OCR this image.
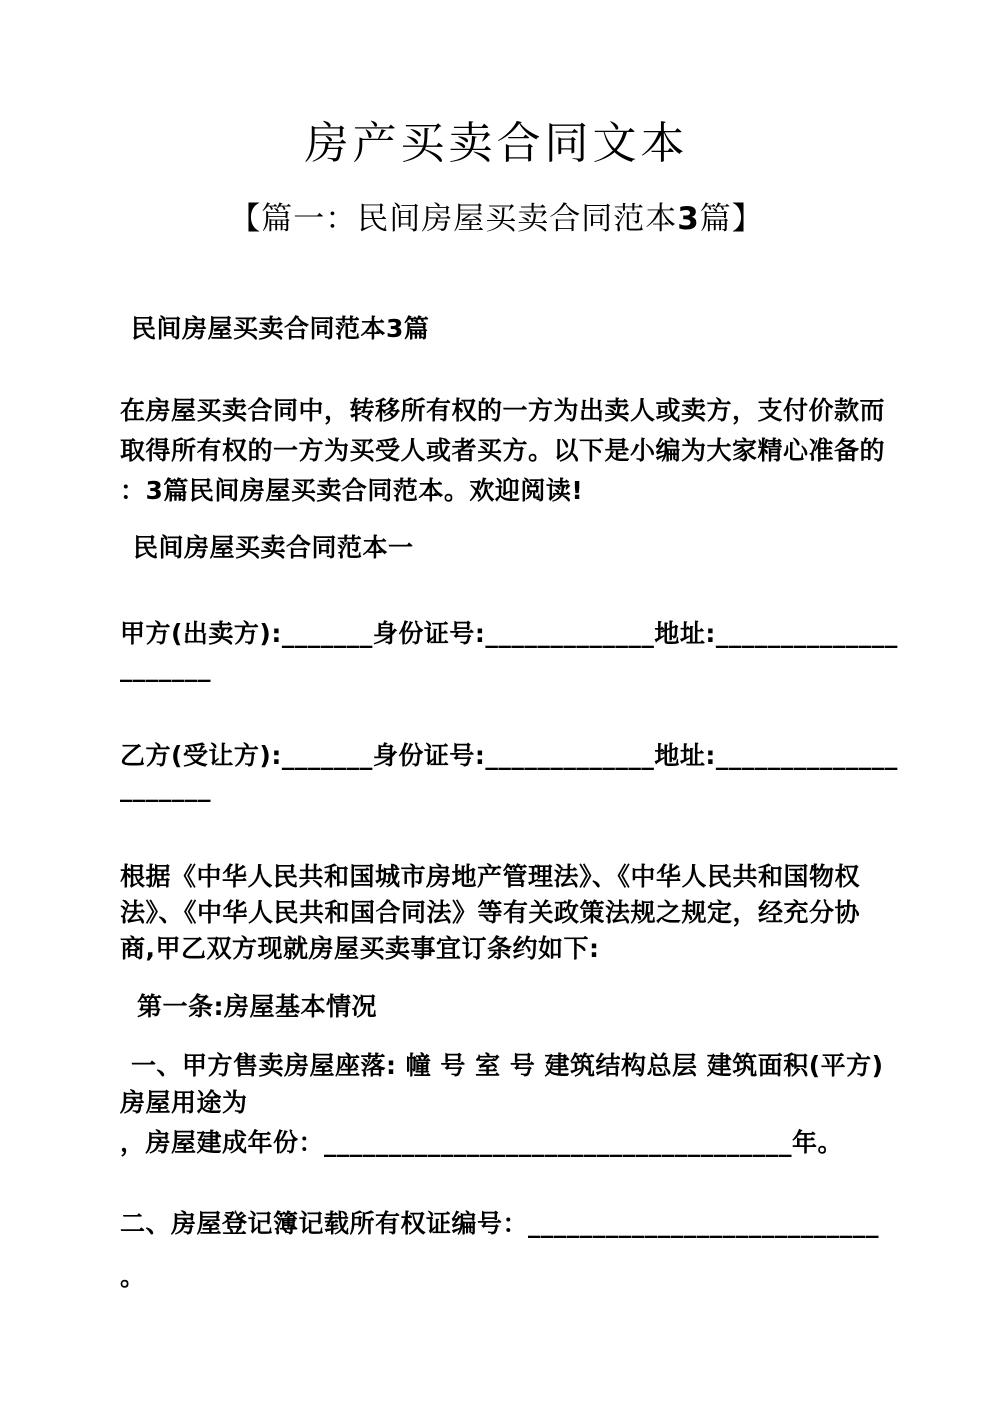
房产买卖合同文本
【篇一：民间房屋买卖合同范本3篇】
民间房屋买卖合同范本3篇
在房屋买卖合同中，转移所有权的一方为出卖人或卖方，支付价款而
取得所有权的一方为买受人或者买方。以下是小编为大家精心准备的
：3篇民间房屋买卖合同范本。欢迎阅读!
民间房屋买卖合同范本一
甲方(出卖方):_______身份证号:_____________地址:______________
_______
乙方(受让方):_______身份证号:_____________地址:______________
_______
根据《中华人民共和国城市房地产管理法》、《中华人民共和国物权
法》、《中华人民共和国合同法》等有关政策法规之规定，经充分协
商,甲乙双方现就房屋买卖事宜订条约如下:
第一条:房屋基本情况
一、甲方售卖房屋座落: 幢 号 室 号 建筑结构总层 建筑面积(平方)
房屋用途为
，房屋建成年份：____________________________________年。
二、房屋登记簿记载所有权证编号：___________________________
。
